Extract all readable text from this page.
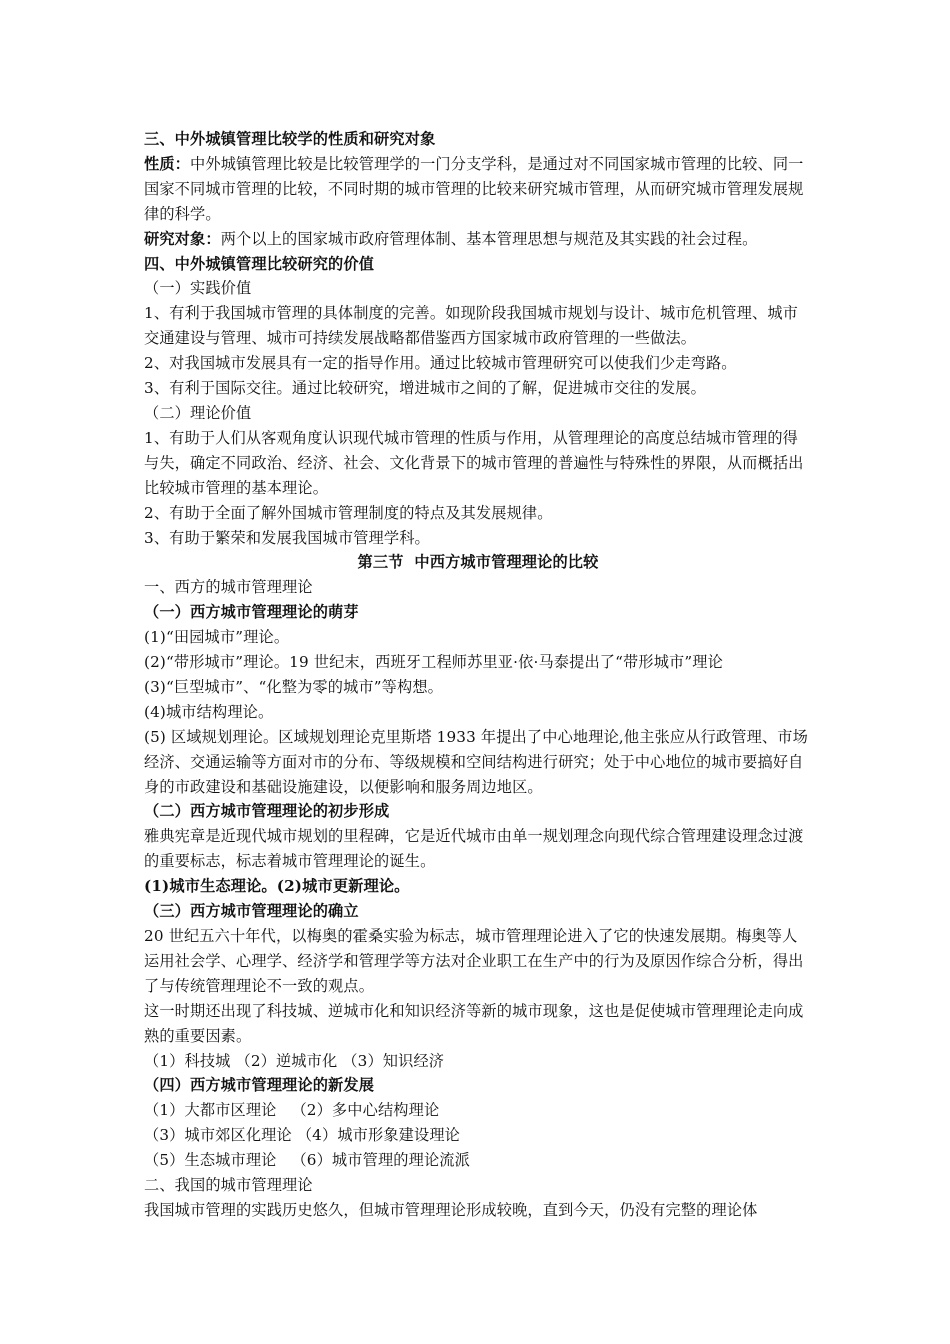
三、中外城镇管理比较学的性质和研究对象

性质：中外城镇管理比较是比较管理学的一门分支学科，是通过对不同国家城市管理的比较、同一国家不同城市管理的比较，不同时期的城市管理的比较来研究城市管理，从而研究城市管理发展规律的科学。

研究对象：两个以上的国家城市政府管理体制、基本管理思想与规范及其实践的社会过程。

四、中外城镇管理比较研究的价值

（一）实践价值

1、有利于我国城市管理的具体制度的完善。如现阶段我国城市规划与设计、城市危机管理、城市交通建设与管理、城市可持续发展战略都借鉴西方国家城市政府管理的一些做法。

2、对我国城市发展具有一定的指导作用。通过比较城市管理研究可以使我们少走弯路。

3、有利于国际交往。通过比较研究，增进城市之间的了解，促进城市交往的发展。

（二）理论价值

1、有助于人们从客观角度认识现代城市管理的性质与作用，从管理理论的高度总结城市管理的得与失，确定不同政治、经济、社会、文化背景下的城市管理的普遍性与特殊性的界限，从而概括出比较城市管理的基本理论。

2、有助于全面了解外国城市管理制度的特点及其发展规律。

3、有助于繁荣和发展我国城市管理学科。

第三节  中西方城市管理理论的比较

一、西方的城市管理理论

（一）西方城市管理理论的萌芽

(1)“田园城市”理论。

(2)“带形城市”理论。19 世纪末，西班牙工程师苏里亚·依·马泰提出了“带形城市”理论

(3)“巨型城市”、“化整为零的城市”等构想。

(4)城市结构理论。

(5) 区域规划理论。区域规划理论克里斯塔 1933 年提出了中心地理论,他主张应从行政管理、市场经济、交通运输等方面对市的分布、等级规模和空间结构进行研究；处于中心地位的城市要搞好自身的市政建设和基础设施建设，以便影响和服务周边地区。

（二）西方城市管理理论的初步形成

雅典宪章是近现代城市规划的里程碑，它是近代城市由单一规划理念向现代综合管理建设理念过渡的重要标志，标志着城市管理理论的诞生。

(1)城市生态理论。(2)城市更新理论。

（三）西方城市管理理论的确立

20 世纪五六十年代，以梅奥的霍桑实验为标志，城市管理理论进入了它的快速发展期。梅奥等人运用社会学、心理学、经济学和管理学等方法对企业职工在生产中的行为及原因作综合分析，得出了与传统管理理论不一致的观点。

这一时期还出现了科技城、逆城市化和知识经济等新的城市现象，这也是促使城市管理理论走向成熟的重要因素。

（1）科技城 （2）逆城市化 （3）知识经济

（四）西方城市管理理论的新发展

（1）大都市区理论   （2）多中心结构理论

（3）城市郊区化理论 （4）城市形象建设理论

（5）生态城市理论   （6）城市管理的理论流派

二、我国的城市管理理论

我国城市管理的实践历史悠久，但城市管理理论形成较晚，直到今天，仍没有完整的理论体
